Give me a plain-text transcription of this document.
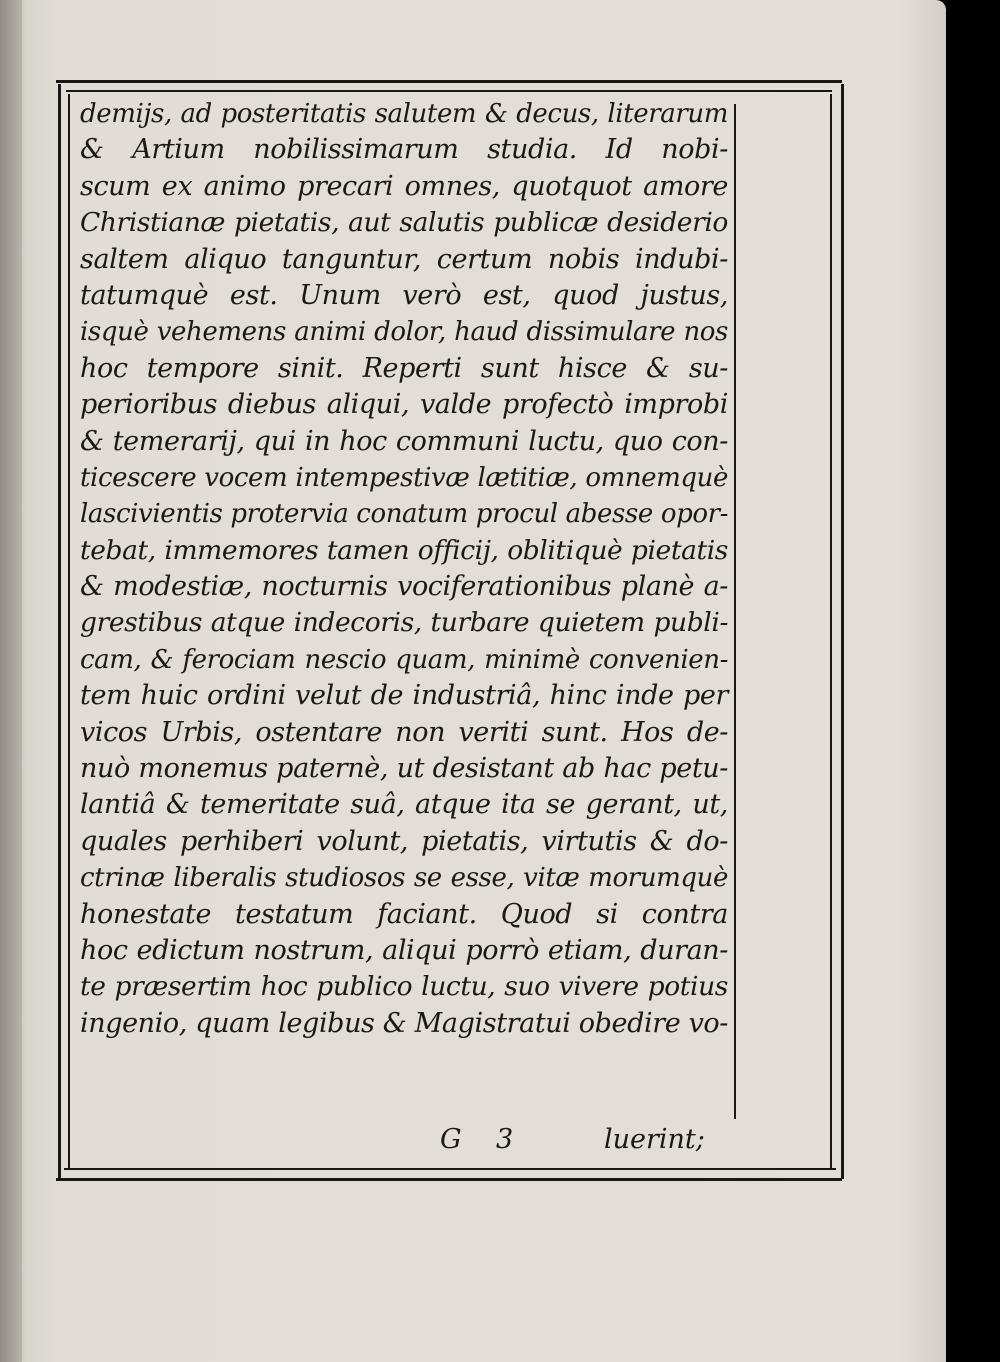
demijs, ad posteritatis salutem & decus, literarum
& Artium nobilissimarum studia. Id nobi-
scum ex animo precari omnes, quotquot amore
Christianæ pietatis, aut salutis publicæ desiderio
saltem aliquo tanguntur, certum nobis indubi-
tatumquè est. Unum verò est, quod justus,
isquè vehemens animi dolor, haud dissimulare nos
hoc tempore sinit. Reperti sunt hisce & su-
perioribus diebus aliqui, valde profectò improbi
& temerarij, qui in hoc communi luctu, quo con-
ticescere vocem intempestivæ lætitiæ, omnemquè
lascivientis protervia conatum procul abesse opor-
tebat, immemores tamen officij, oblitiquè pietatis
& modestiæ, nocturnis vociferationibus planè a-
grestibus atque indecoris, turbare quietem publi-
cam, & ferociam nescio quam, minimè convenien-
tem huic ordini velut de industriâ, hinc inde per
vicos Urbis, ostentare non veriti sunt. Hos de-
nuò monemus paternè, ut desistant ab hac petu-
lantiâ & temeritate suâ, atque ita se gerant, ut,
quales perhiberi volunt, pietatis, virtutis & do-
ctrinæ liberalis studiosos se esse, vitæ morumquè
honestate testatum faciant. Quod si contra
hoc edictum nostrum, aliqui porrò etiam, duran-
te præsertim hoc publico luctu, suo vivere potius
ingenio, quam legibus & Magistratui obedire vo-
G 3	luerint;
